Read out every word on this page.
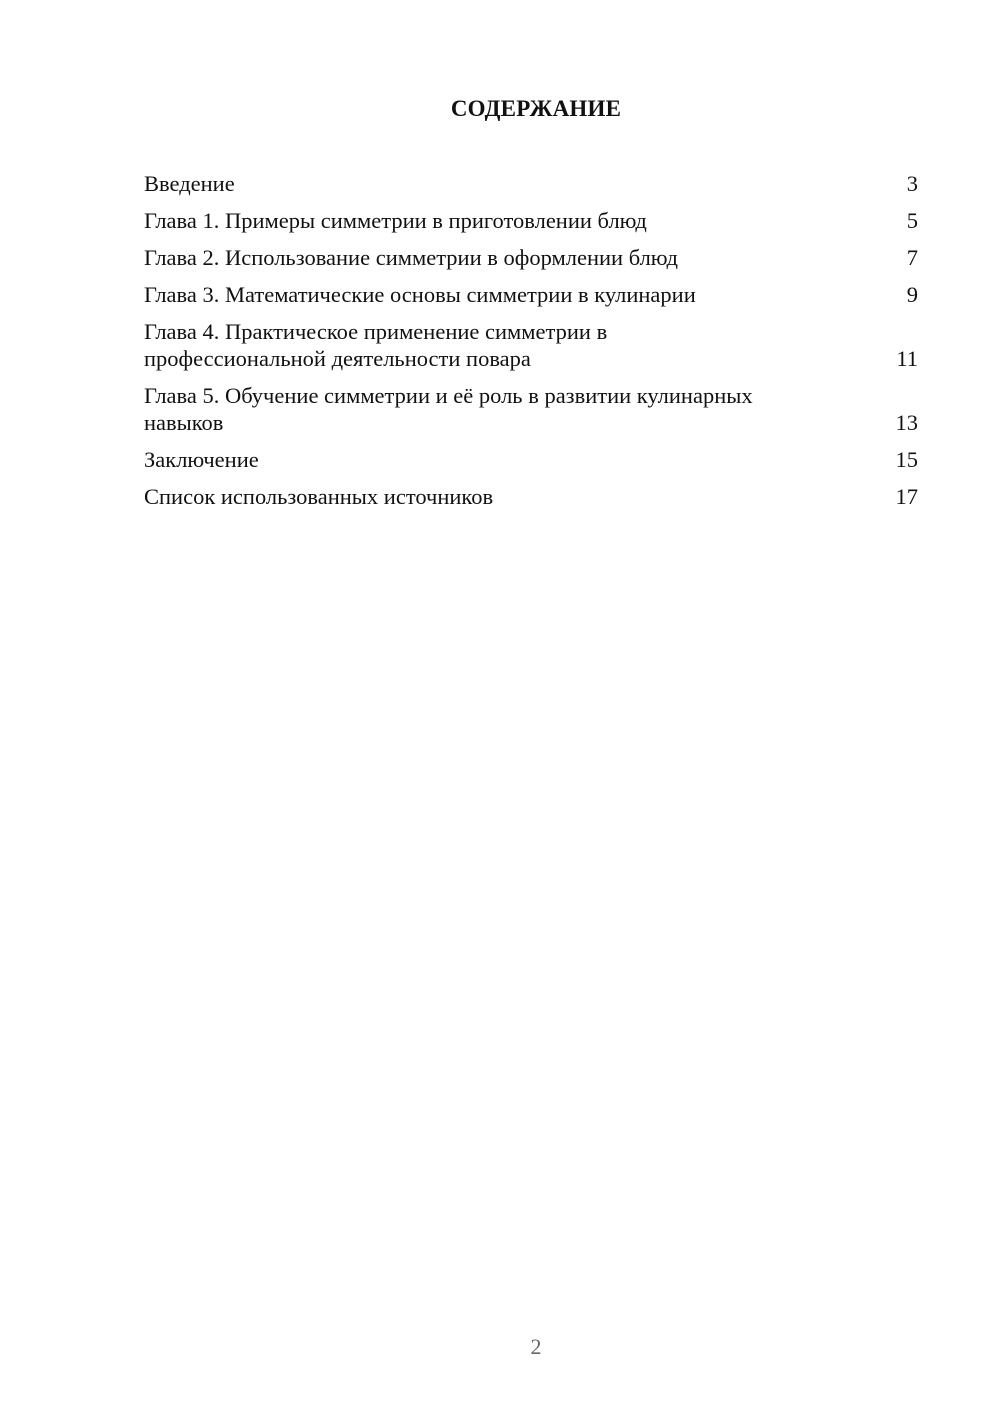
СОДЕРЖАНИЕ
Введение	3
Глава 1. Примеры симметрии в приготовлении блюд	5
Глава 2. Использование симметрии в оформлении блюд	7
Глава 3. Математические основы симметрии в кулинарии	9
Глава 4. Практическое применение симметрии в профессиональной деятельности повара	11
Глава 5. Обучение симметрии и её роль в развитии кулинарных навыков	13
Заключение	15
Список использованных источников	17
2
